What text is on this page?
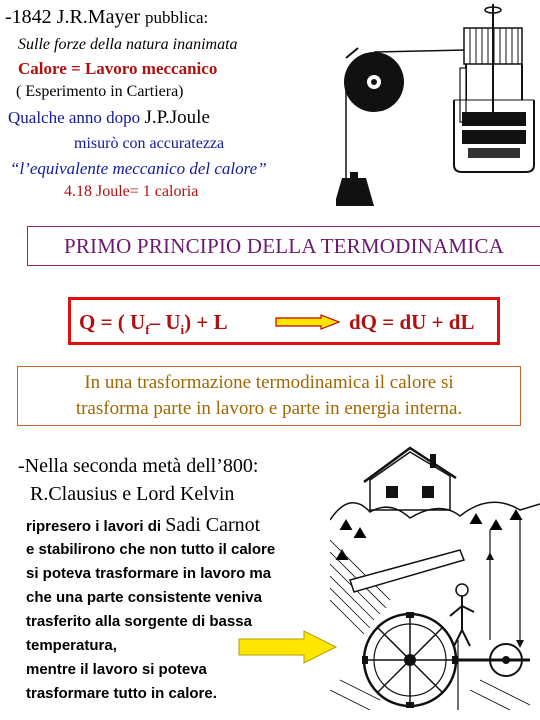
-1842 J.R.Mayer pubblica:
Sulle forze della natura inanimata
Calore = Lavoro meccanico
( Esperimento in Cartiera)
Qualche anno dopo J.P.Joule
misurò con accuratezza
“l’equivalente meccanico del calore”
4.18 Joule= 1 caloria
PRIMO PRINCIPIO DELLA TERMODINAMICA
Q = ( $U_f-$ $U_i) + L$	dQ = dU + dL
In una trasformazione termodinamica il calore si
trasforma parte in lavoro e parte in energia interna.
-Nella seconda metà dell’800:
R.Clausius e Lord Kelvin
ripresero i lavori di Sadi Carnot
e stabilirono che non tutto il calore
si poteva trasformare in lavoro ma
che una parte consistente veniva
trasferito alla sorgente di bassa
temperatura,
mentre il lavoro si poteva
trasformare tutto in calore.
